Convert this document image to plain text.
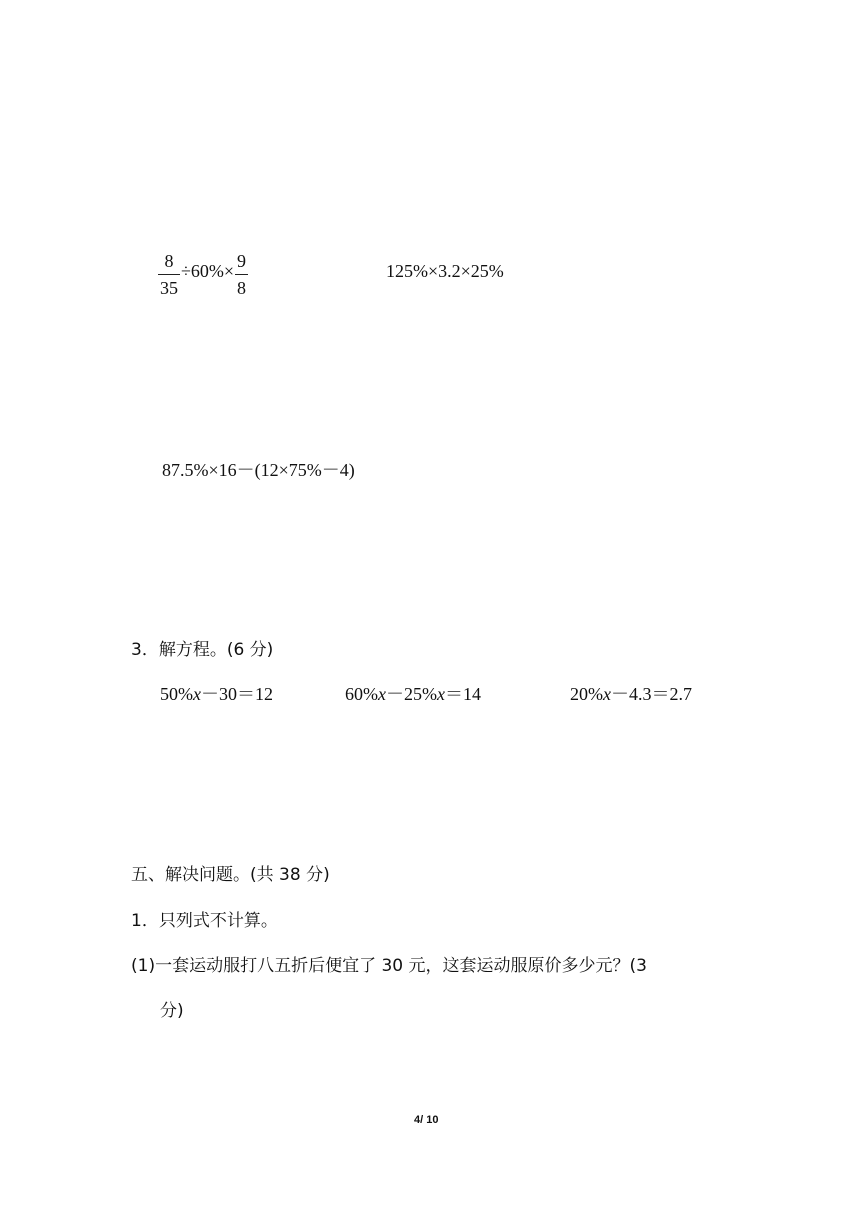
$\frac{8}{35} \div 60\%\times \frac{9}{8}$	125%×3.2×25%
87.5%×16－(12×75%－4)
3．解方程。(6 分)
50%x－30＝12	60%x－25%x＝14	20%x－4.3＝2.7
五、解决问题。(共 38 分)
1．只列式不计算。
(1)一套运动服打八五折后便宜了 30 元，这套运动服原价多少元？(3
分)
4/ 10
